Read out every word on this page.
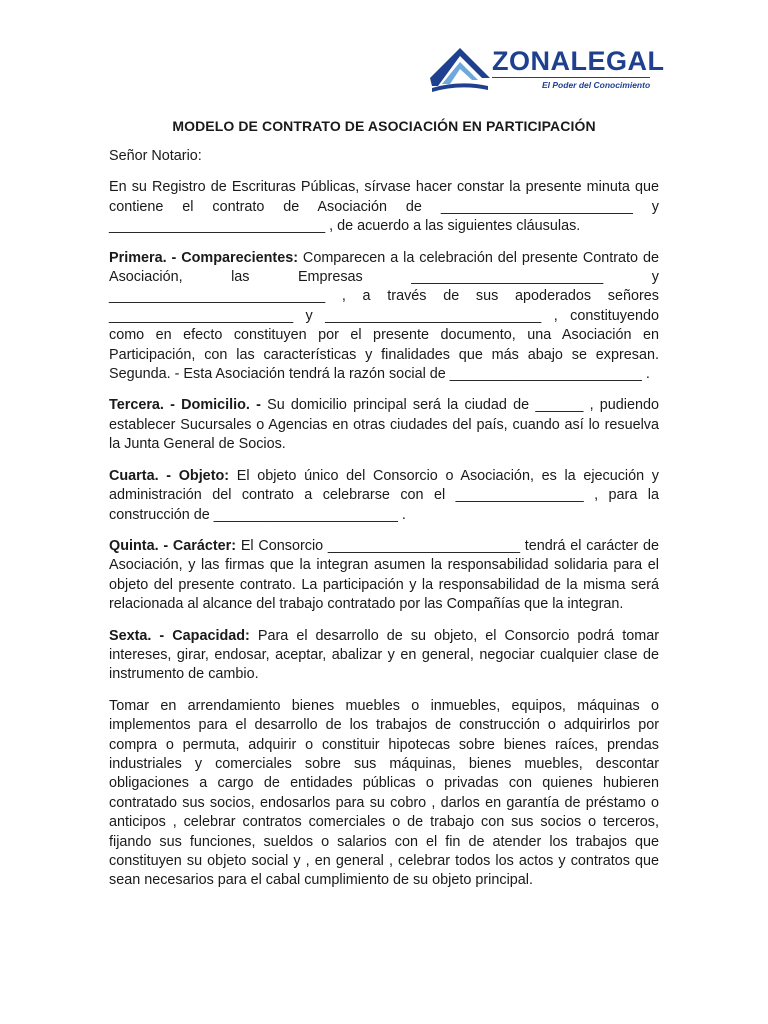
ZONALEGAL
El Poder del Conocimiento
MODELO DE CONTRATO DE ASOCIACIÓN EN PARTICIPACIÓN

Señor Notario:

En su Registro de Escrituras Públicas, sírvase hacer constar la presente minuta que contiene el contrato de Asociación de ________________________ y ___________________________ , de acuerdo a las siguientes cláusulas.

Primera. - Comparecientes: Comparecen a la celebración del presente Contrato de Asociación, las Empresas ________________________ y ___________________________ , a través de sus apoderados señores _______________________ y ___________________________ , constituyendo como en efecto constituyen por el presente documento, una Asociación en Participación, con las características y finalidades que más abajo se expresan. Segunda. - Esta Asociación tendrá la razón social de ________________________ .

Tercera. - Domicilio. - Su domicilio principal será la ciudad de ______ , pudiendo establecer Sucursales o Agencias en otras ciudades del país, cuando así lo resuelva la Junta General de Socios.

Cuarta. - Objeto: El objeto único del Consorcio o Asociación, es la ejecución y administración del contrato a celebrarse con el ________________ , para la construcción de _______________________ .

Quinta. - Carácter: El Consorcio ________________________ tendrá el carácter de Asociación, y las firmas que la integran asumen la responsabilidad solidaria para el objeto del presente contrato. La participación y la responsabilidad de la misma será relacionada al alcance del trabajo contratado por las Compañías que la integran.

Sexta. - Capacidad: Para el desarrollo de su objeto, el Consorcio podrá tomar intereses, girar, endosar, aceptar, abalizar y en general, negociar cualquier clase de instrumento de cambio.

Tomar en arrendamiento bienes muebles o inmuebles, equipos, máquinas o implementos para el desarrollo de los trabajos de construcción o adquirirlos por compra o permuta, adquirir o constituir hipotecas sobre bienes raíces, prendas industriales y comerciales sobre sus máquinas, bienes muebles, descontar obligaciones a cargo de entidades públicas o privadas con quienes hubieren contratado sus socios, endosarlos para su cobro , darlos en garantía de préstamo o anticipos , celebrar contratos comerciales o de trabajo con sus socios o terceros, fijando sus funciones, sueldos o salarios con el fin de atender los trabajos que constituyen su objeto social y , en general , celebrar todos los actos y contratos que sean necesarios para el cabal cumplimiento de su objeto principal.
